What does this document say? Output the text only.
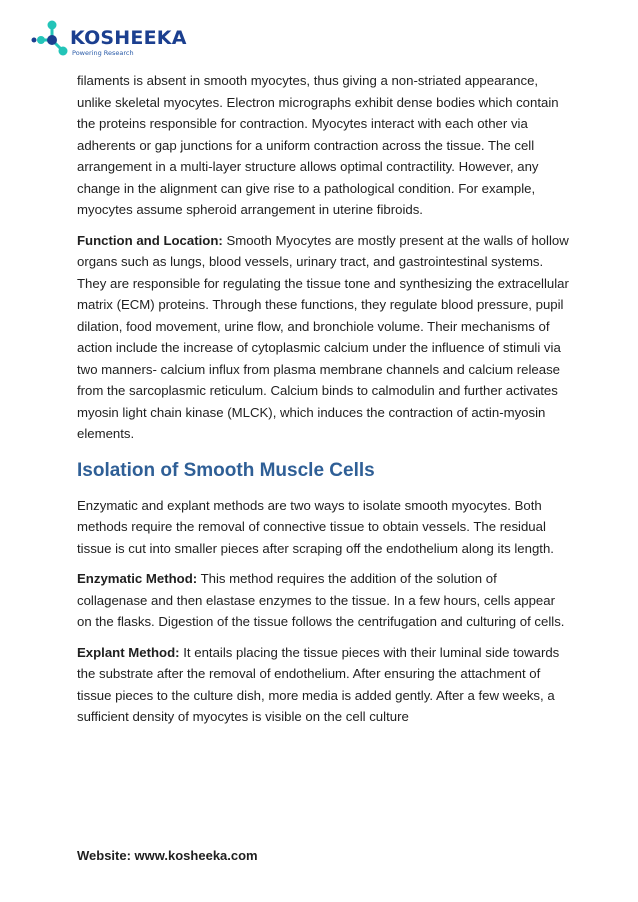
KOSHEEKA
Powering Research

filaments is absent in smooth myocytes, thus giving a non-striated appearance, unlike skeletal myocytes. Electron micrographs exhibit dense bodies which contain the proteins responsible for contraction. Myocytes interact with each other via adherents or gap junctions for a uniform contraction across the tissue. The cell arrangement in a multi-layer structure allows optimal contractility. However, any change in the alignment can give rise to a pathological condition. For example, myocytes assume spheroid arrangement in uterine fibroids.

Function and Location: Smooth Myocytes are mostly present at the walls of hollow organs such as lungs, blood vessels, urinary tract, and gastrointestinal systems. They are responsible for regulating the tissue tone and synthesizing the extracellular matrix (ECM) proteins. Through these functions, they regulate blood pressure, pupil dilation, food movement, urine flow, and bronchiole volume. Their mechanisms of action include the increase of cytoplasmic calcium under the influence of stimuli via two manners- calcium influx from plasma membrane channels and calcium release from the sarcoplasmic reticulum. Calcium binds to calmodulin and further activates myosin light chain kinase (MLCK), which induces the contraction of actin-myosin elements.

Isolation of Smooth Muscle Cells

Enzymatic and explant methods are two ways to isolate smooth myocytes. Both methods require the removal of connective tissue to obtain vessels. The residual tissue is cut into smaller pieces after scraping off the endothelium along its length.

Enzymatic Method: This method requires the addition of the solution of collagenase and then elastase enzymes to the tissue. In a few hours, cells appear on the flasks. Digestion of the tissue follows the centrifugation and culturing of cells.

Explant Method: It entails placing the tissue pieces with their luminal side towards the substrate after the removal of endothelium. After ensuring the attachment of tissue pieces to the culture dish, more media is added gently. After a few weeks, a sufficient density of myocytes is visible on the cell culture

Website: www.kosheeka.com
